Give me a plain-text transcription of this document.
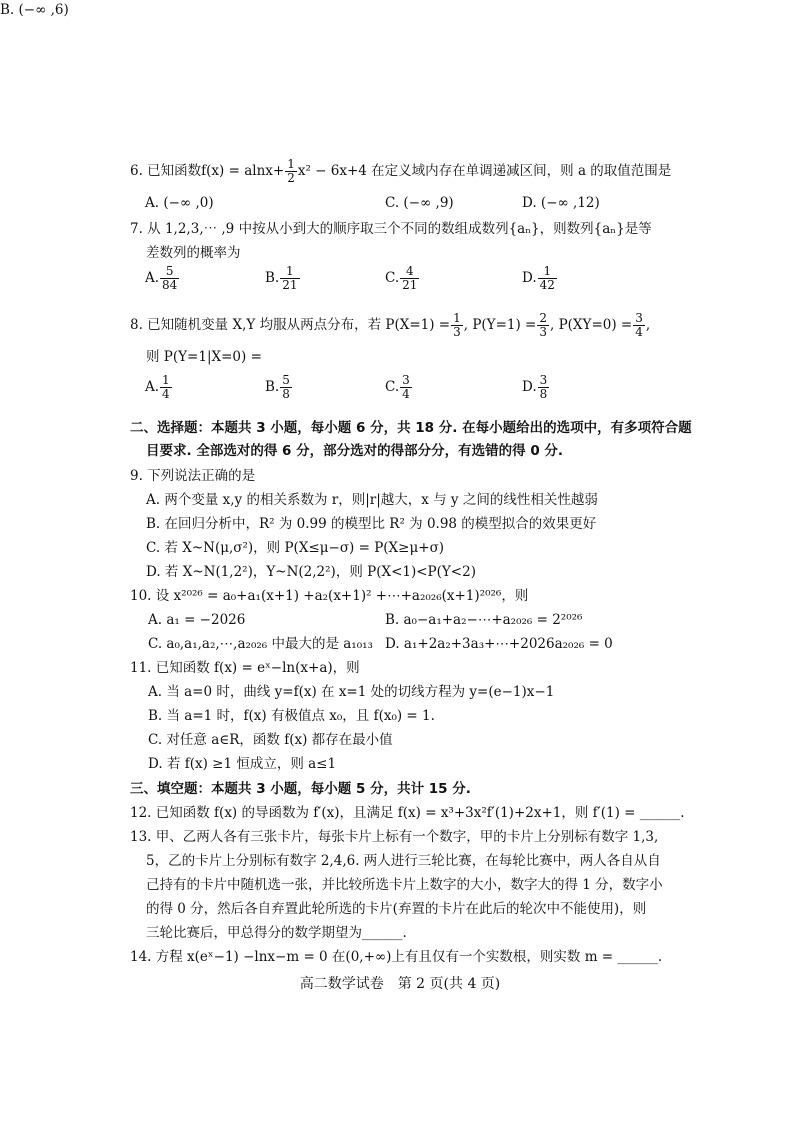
6. 已知函数$f(x) = alnx+ \frac{1}{2} x^2 - 6x+4$ 在定义域内存在单调递减区间，则 a 的取值范围是
A. (−∞ ,0)
B. (−∞ ,6)
C. (−∞ ,9)	D. (−∞ ,12)
7. 从 1,2,3,⋯ ,9 中按从小到大的顺序取三个不同的数组成数列{aₙ}，则数列{aₙ}是等
差数列的概率为
A. $\frac{5}{84}$	B. $\frac{1}{21}$	C. $\frac{4}{21}$	D. $\frac{1}{42}$
8. 已知随机变量 X,Y 均服从两点分布，若 $P(X=1) = \frac{1}{3}$ , $P(Y=1) = \frac{2}{3}$ , $P(XY=0) = \frac{3}{4}$ ,
则 P(Y=1|X=0) =
A. $\frac{1}{4}$	B. $\frac{5}{8}$	C. $\frac{3}{4}$	D. $\frac{3}{8}$
二、选择题：本题共 3 小题，每小题 6 分，共 18 分. 在每小题给出的选项中，有多项符合题
目要求. 全部选对的得 6 分，部分选对的得部分分，有选错的得 0 分.
9. 下列说法正确的是
A. 两个变量 x,y 的相关系数为 r，则|r|越大，x 与 y 之间的线性相关性越弱
B. 在回归分析中，R² 为 0.99 的模型比 R² 为 0.98 的模型拟合的效果更好
C. 若 X~N(μ,σ²)，则 P(X≤μ−σ) = P(X≥μ+σ)
D. 若 X~N(1,2²)，Y~N(2,2²)，则 P(X<1)<P(Y<2)
10. 设 x²⁰²⁶ = a₀+a₁(x+1) +a₂(x+1)² +⋯+a₂₀₂₆(x+1)²⁰²⁶，则
A. a₁ = −2026	B. a₀−a₁+a₂−⋯+a₂₀₂₆ = 2²⁰²⁶
C. a₀,a₁,a₂,⋯,a₂₀₂₆ 中最大的是 a₁₀₁₃ D. a₁+2a₂+3a₃+⋯+2026a₂₀₂₆ = 0
11. 已知函数 f(x) = eˣ−ln(x+a)，则
A. 当 a=0 时，曲线 y=f(x) 在 x=1 处的切线方程为 y=(e−1)x−1
B. 当 a=1 时，f(x) 有极值点 x₀，且 f(x₀) = 1.
C. 对任意 a∈R，函数 f(x) 都存在最小值
D. 若 f(x) ≥1 恒成立，则 a≤1
三、填空题：本题共 3 小题，每小题 5 分，共计 15 分.
12. 已知函数 f(x) 的导函数为 f′(x)，且满足 f(x) = x³+3x²f′(1)+2x+1，则 f′(1) = ______.
13. 甲、乙两人各有三张卡片，每张卡片上标有一个数字，甲的卡片上分别标有数字 1,3,
5，乙的卡片上分别标有数字 2,4,6. 两人进行三轮比赛，在每轮比赛中，两人各自从自
己持有的卡片中随机选一张，并比较所选卡片上数字的大小，数字大的得 1 分，数字小
的得 0 分，然后各自弃置此轮所选的卡片(弃置的卡片在此后的轮次中不能使用)，则
三轮比赛后，甲总得分的数学期望为______.
14. 方程 x(eˣ−1) −lnx−m = 0 在(0,+∞)上有且仅有一个实数根，则实数 m = ______.
高二数学试卷　第 2 页(共 4 页)
